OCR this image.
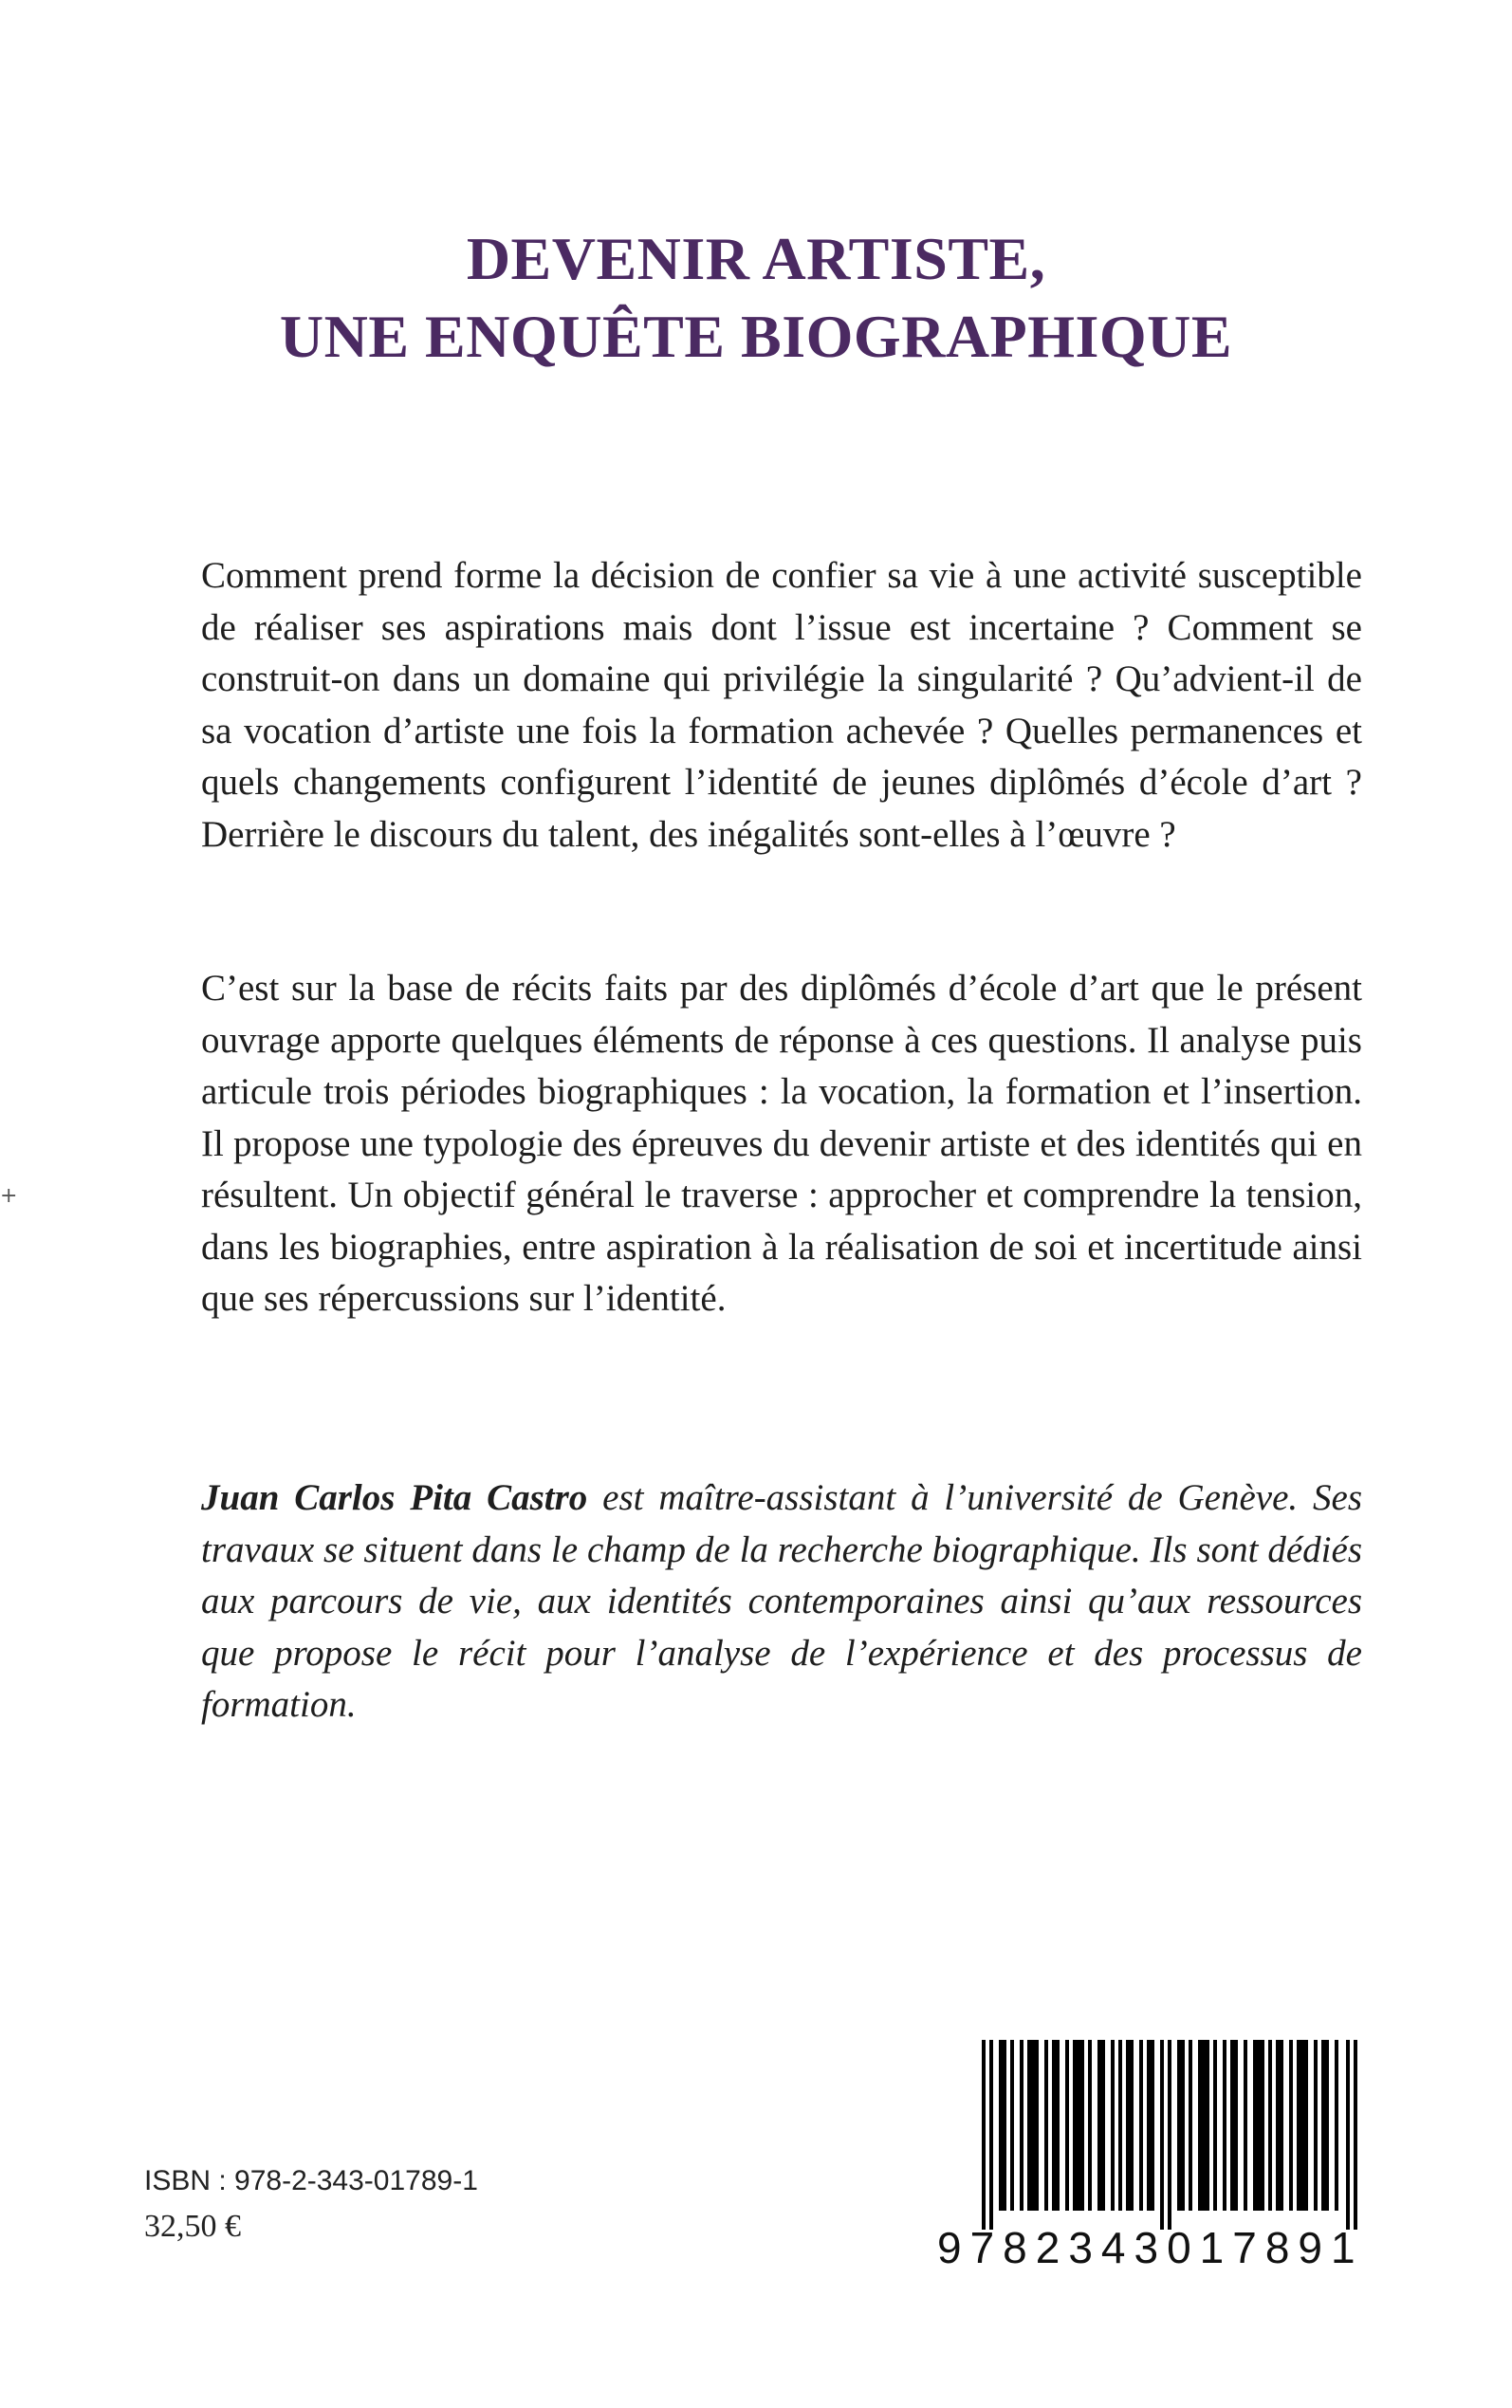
DEVENIR ARTISTE,
UNE ENQUÊTE BIOGRAPHIQUE
Comment prend forme la décision de confier sa vie à une activité susceptible de réaliser ses aspirations mais dont l’issue est incertaine ? Comment se construit-on dans un domaine qui privilégie la singularité ? Qu’advient-il de sa vocation d’artiste une fois la formation achevée ? Quelles permanences et quels changements configurent l’identité de jeunes diplômés d’école d’art ? Derrière le discours du talent, des inégalités sont-elles à l’œuvre ?
C’est sur la base de récits faits par des diplômés d’école d’art que le présent ouvrage apporte quelques éléments de réponse à ces questions. Il analyse puis articule trois périodes biographiques : la vocation, la formation et l’insertion. Il propose une typologie des épreuves du devenir artiste et des identités qui en résultent. Un objectif général le traverse : approcher et comprendre la tension, dans les biographies, entre aspiration à la réalisation de soi et incertitude ainsi que ses répercussions sur l’identité.
Juan Carlos Pita Castro est maître-assistant à l’université de Genève. Ses travaux se situent dans le champ de la recherche biographique. Ils sont dédiés aux parcours de vie, aux identités contemporaines ainsi qu’aux ressources que propose le récit pour l’analyse de l’expérience et des processus de formation.
+
ISBN : 978-2-343-01789-1
32,50 €	9782343017891
